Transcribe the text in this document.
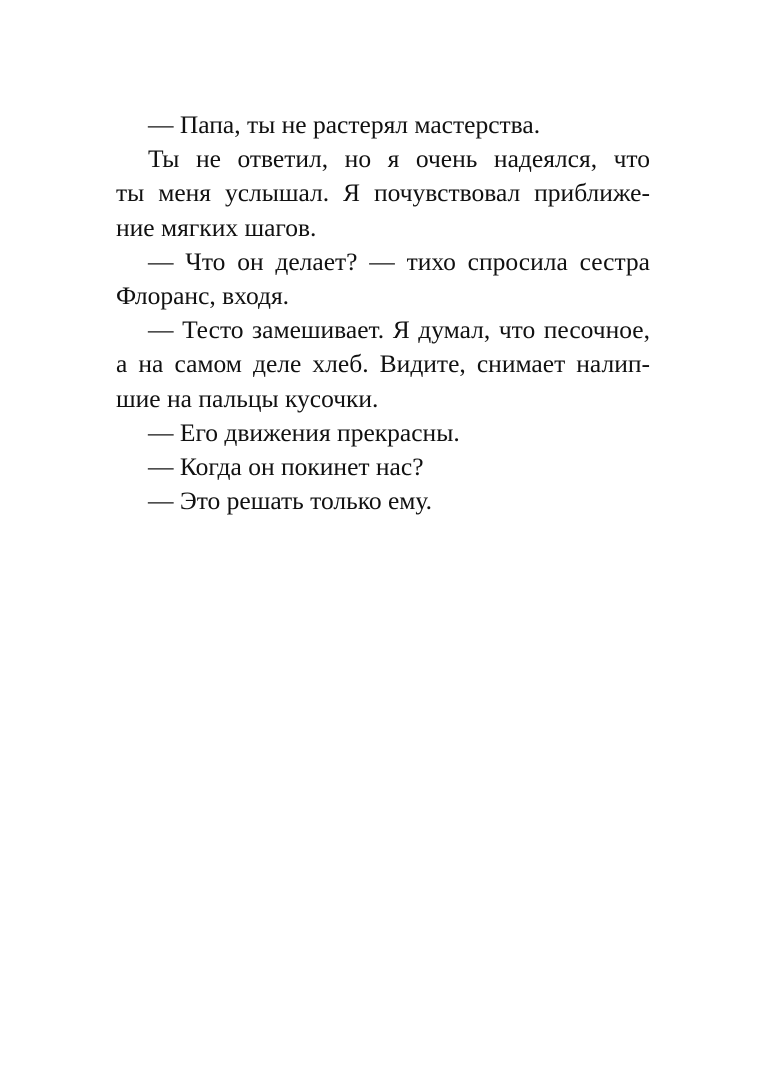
— Папа, ты не растерял мастерства.
Ты не ответил, но я очень надеялся, что
ты меня услышал. Я почувствовал приближе-
ние мягких шагов.
— Что он делает? — тихо спросила сестра
Флоранс, входя.
— Тесто замешивает. Я думал, что песочное,
а на самом деле хлеб. Видите, снимает налип-
шие на пальцы кусочки.
— Его движения прекрасны.
— Когда он покинет нас?
— Это решать только ему.
